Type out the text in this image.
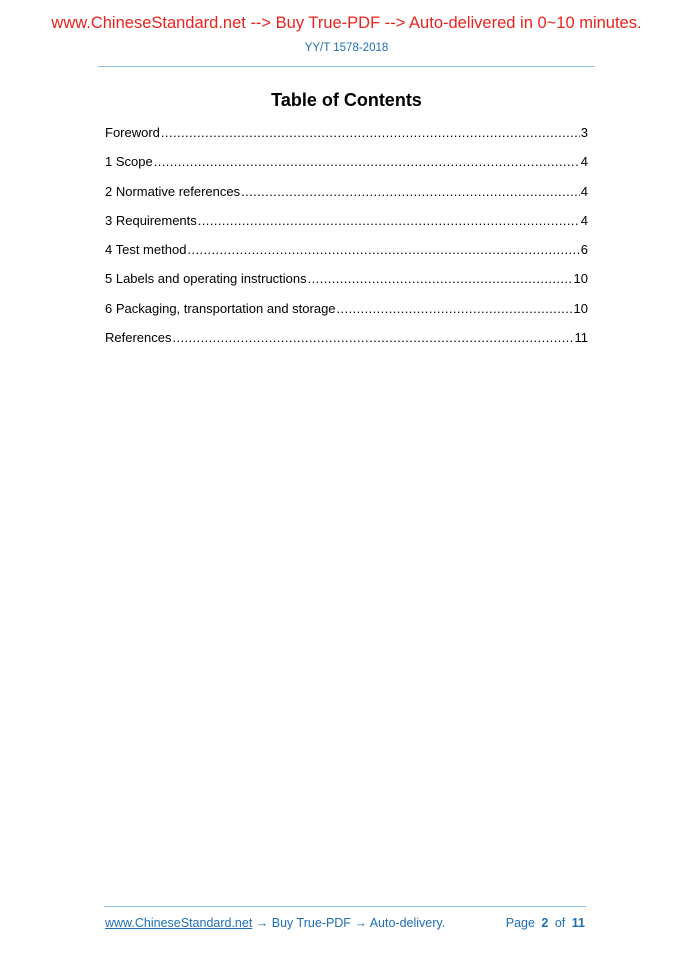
www.ChineseStandard.net --> Buy True-PDF --> Auto-delivered in 0~10 minutes.
YY/T 1578-2018
Table of Contents
Foreword .....	3
1 Scope .....	4
2 Normative references .....	4
3 Requirements .....	4
4 Test method .....	6
5 Labels and operating instructions .....	10
6 Packaging, transportation and storage .....	10
References .....	11
www.ChineseStandard.net → Buy True-PDF → Auto-delivery.	Page 2 of 11
